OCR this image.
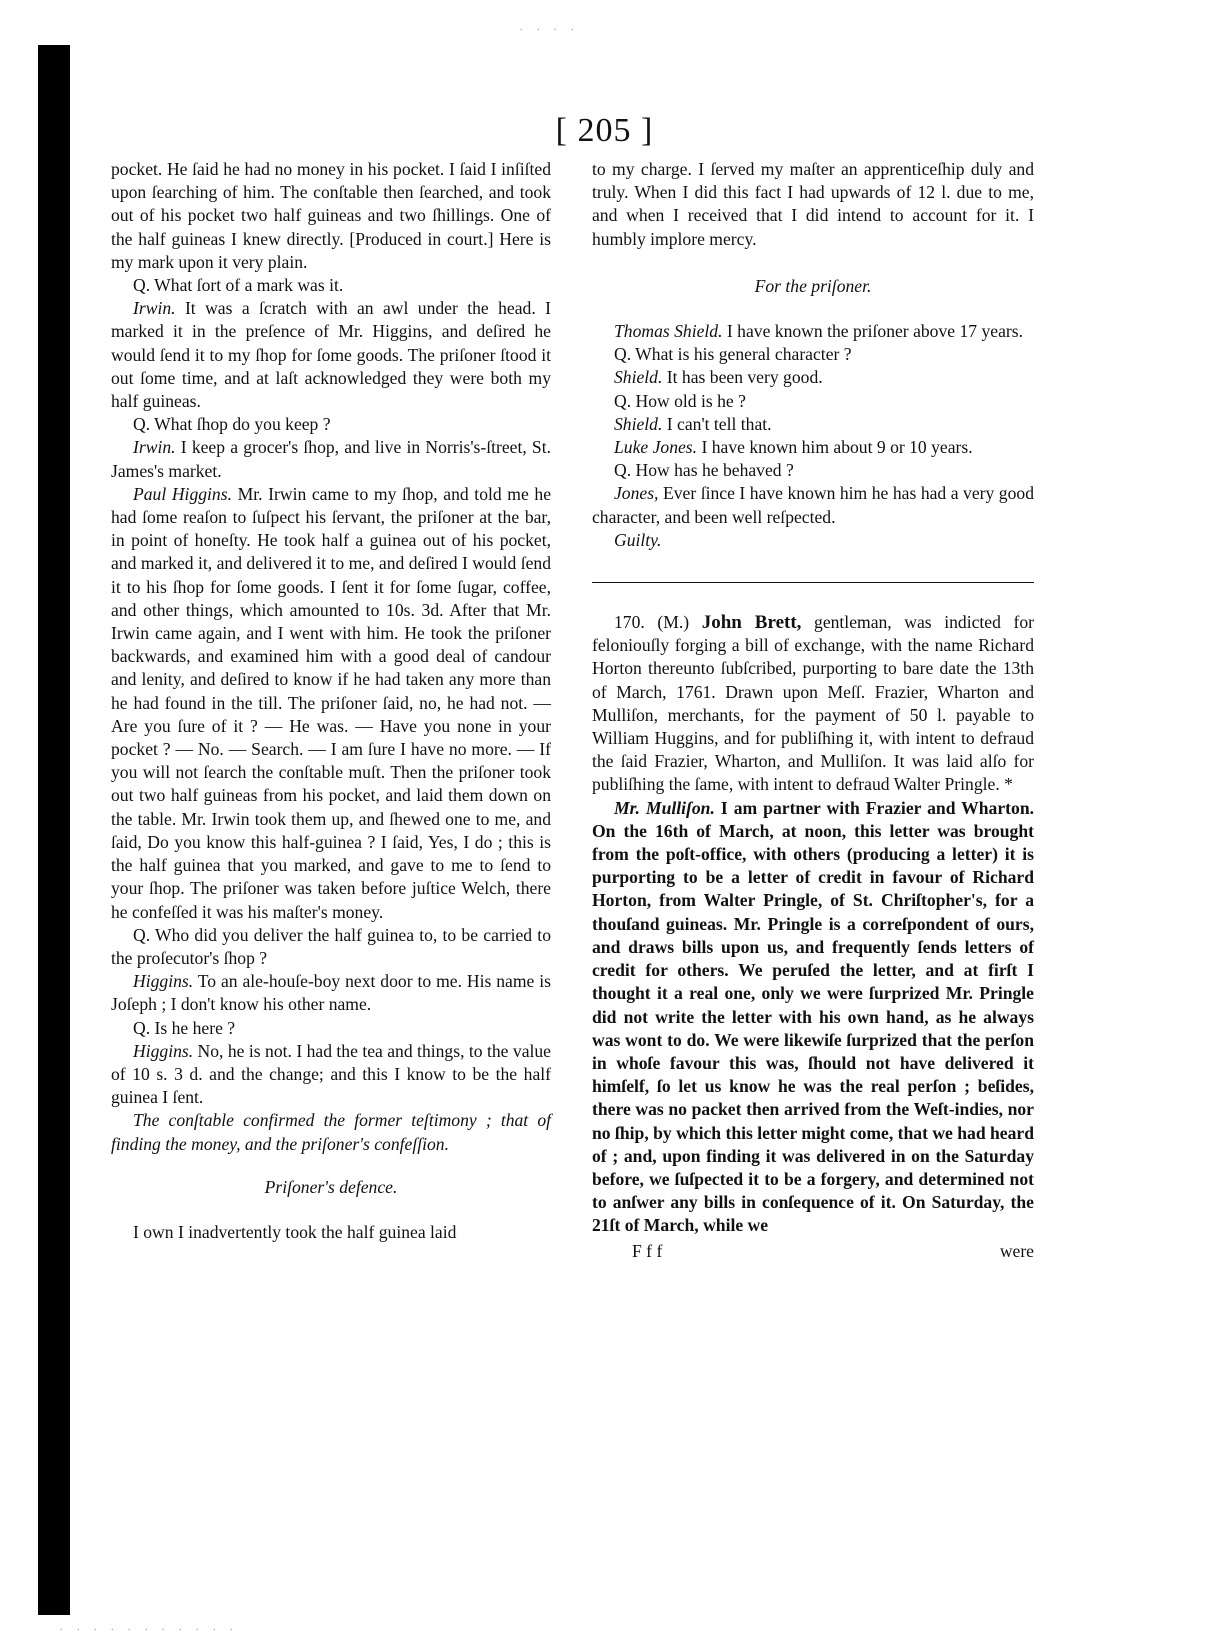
. . . .
. . . . . . . . . . .
[ 205 ]

pocket. He ſaid he had no money in his pocket. I ſaid I inſiſted upon ſearching of him. The conſtable then ſearched, and took out of his pocket two half guineas and two ſhillings. One of the half guineas I knew directly. [Produced in court.] Here is my mark upon it very plain.

Q. What ſort of a mark was it.

Irwin. It was a ſcratch with an awl under the head. I marked it in the preſence of Mr. Higgins, and deſired he would ſend it to my ſhop for ſome goods. The priſoner ſtood it out ſome time, and at laſt acknowledged they were both my half guineas.

Q. What ſhop do you keep ?

Irwin. I keep a grocer's ſhop, and live in Norris's-ſtreet, St. James's market.

Paul Higgins. Mr. Irwin came to my ſhop, and told me he had ſome reaſon to ſuſpect his ſervant, the priſoner at the bar, in point of honeſty. He took half a guinea out of his pocket, and marked it, and delivered it to me, and deſired I would ſend it to his ſhop for ſome goods. I ſent it for ſome ſugar, coffee, and other things, which amounted to 10s. 3d. After that Mr. Irwin came again, and I went with him. He took the priſoner backwards, and examined him with a good deal of candour and lenity, and deſired to know if he had taken any more than he had found in the till. The priſoner ſaid, no, he had not. — Are you ſure of it ? — He was. — Have you none in your pocket ? — No. — Search. — I am ſure I have no more. — If you will not ſearch the conſtable muſt. Then the priſoner took out two half guineas from his pocket, and laid them down on the table. Mr. Irwin took them up, and ſhewed one to me, and ſaid, Do you know this half-guinea ? I ſaid, Yes, I do ; this is the half guinea that you marked, and gave to me to ſend to your ſhop. The priſoner was taken before juſtice Welch, there he confeſſed it was his maſter's money.

Q. Who did you deliver the half guinea to, to be carried to the proſecutor's ſhop ?

Higgins. To an ale-houſe-boy next door to me. His name is Joſeph ; I don't know his other name.

Q. Is he here ?

Higgins. No, he is not. I had the tea and things, to the value of 10 s. 3 d. and the change; and this I know to be the half guinea I ſent.

The conſtable confirmed the former teſtimony ; that of finding the money, and the priſoner's confeſſion.

Priſoner's defence.

I own I inadvertently took the half guinea laid

to my charge. I ſerved my maſter an apprenticeſhip duly and truly. When I did this fact I had upwards of 12 l. due to me, and when I received that I did intend to account for it. I humbly implore mercy.

For the priſoner.

Thomas Shield. I have known the priſoner above 17 years.

Q. What is his general character ?

Shield. It has been very good.

Q. How old is he ?

Shield. I can't tell that.

Luke Jones. I have known him about 9 or 10 years.

Q. How has he behaved ?

Jones, Ever ſince I have known him he has had a very good character, and been well reſpected.

Guilty.

170. (M.) John Brett, gentleman, was indicted for feloniouſly forging a bill of exchange, with the name Richard Horton thereunto ſubſcribed, purporting to bare date the 13th of March, 1761. Drawn upon Meſſ. Frazier, Wharton and Mulliſon, merchants, for the payment of 50 l. payable to William Huggins, and for publiſhing it, with intent to defraud the ſaid Frazier, Wharton, and Mulliſon. It was laid alſo for publiſhing the ſame, with intent to defraud Walter Pringle. *

Mr. Mulliſon. I am partner with Frazier and Wharton. On the 16th of March, at noon, this letter was brought from the poſt-office, with others (producing a letter) it is purporting to be a letter of credit in favour of Richard Horton, from Walter Pringle, of St. Chriſtopher's, for a thouſand guineas. Mr. Pringle is a correſpondent of ours, and draws bills upon us, and frequently ſends letters of credit for others. We peruſed the letter, and at firſt I thought it a real one, only we were ſurprized Mr. Pringle did not write the letter with his own hand, as he always was wont to do. We were likewiſe ſurprized that the perſon in whoſe favour this was, ſhould not have delivered it himſelf, ſo let us know he was the real perſon ; beſides, there was no packet then arrived from the Weſt-indies, nor no ſhip, by which this letter might come, that we had heard of ; and, upon finding it was delivered in on the Saturday before, we ſuſpected it to be a forgery, and determined not to anſwer any bills in conſequence of it. On Saturday, the 21ſt of March, while we

F f f	were
